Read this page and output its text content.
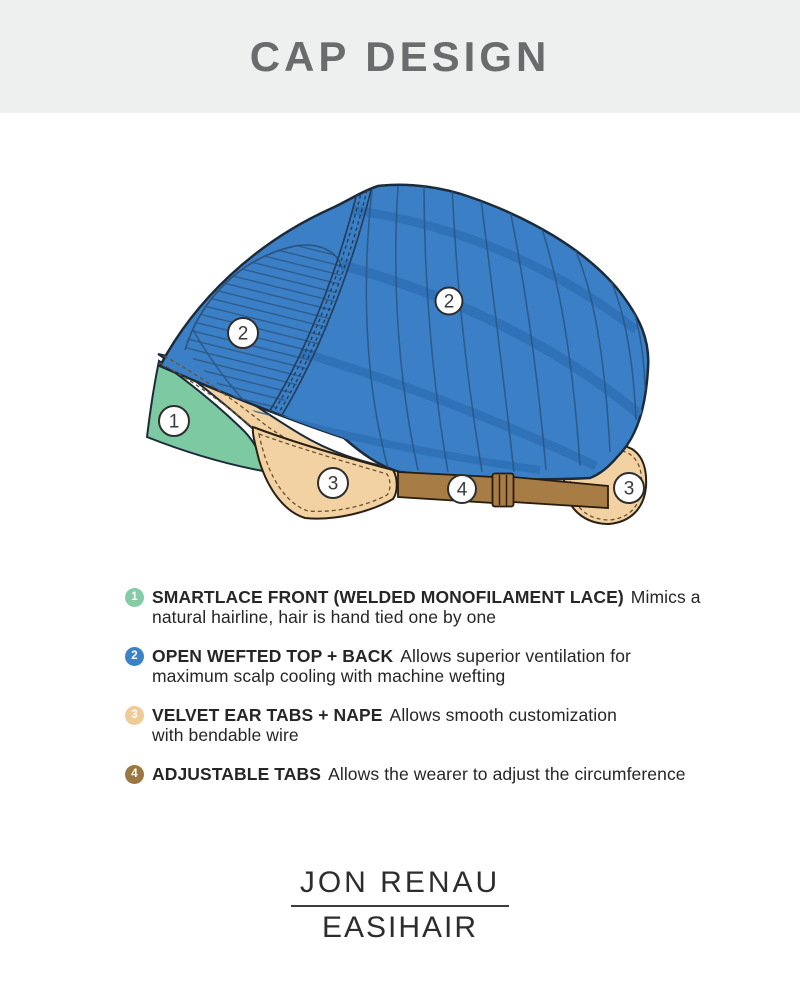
CAP DESIGN
1
2
2
3	3
4
1 SMARTLACE FRONT (WELDED MONOFILAMENT LACE) Mimics a
natural hairline, hair is hand tied one by one
2 OPEN WEFTED TOP + BACK Allows superior ventilation for
maximum scalp cooling with machine wefting
3 VELVET EAR TABS + NAPE Allows smooth customization
with bendable wire
4 ADJUSTABLE TABS Allows the wearer to adjust the circumference
JON RENAU
EASIHAIR
